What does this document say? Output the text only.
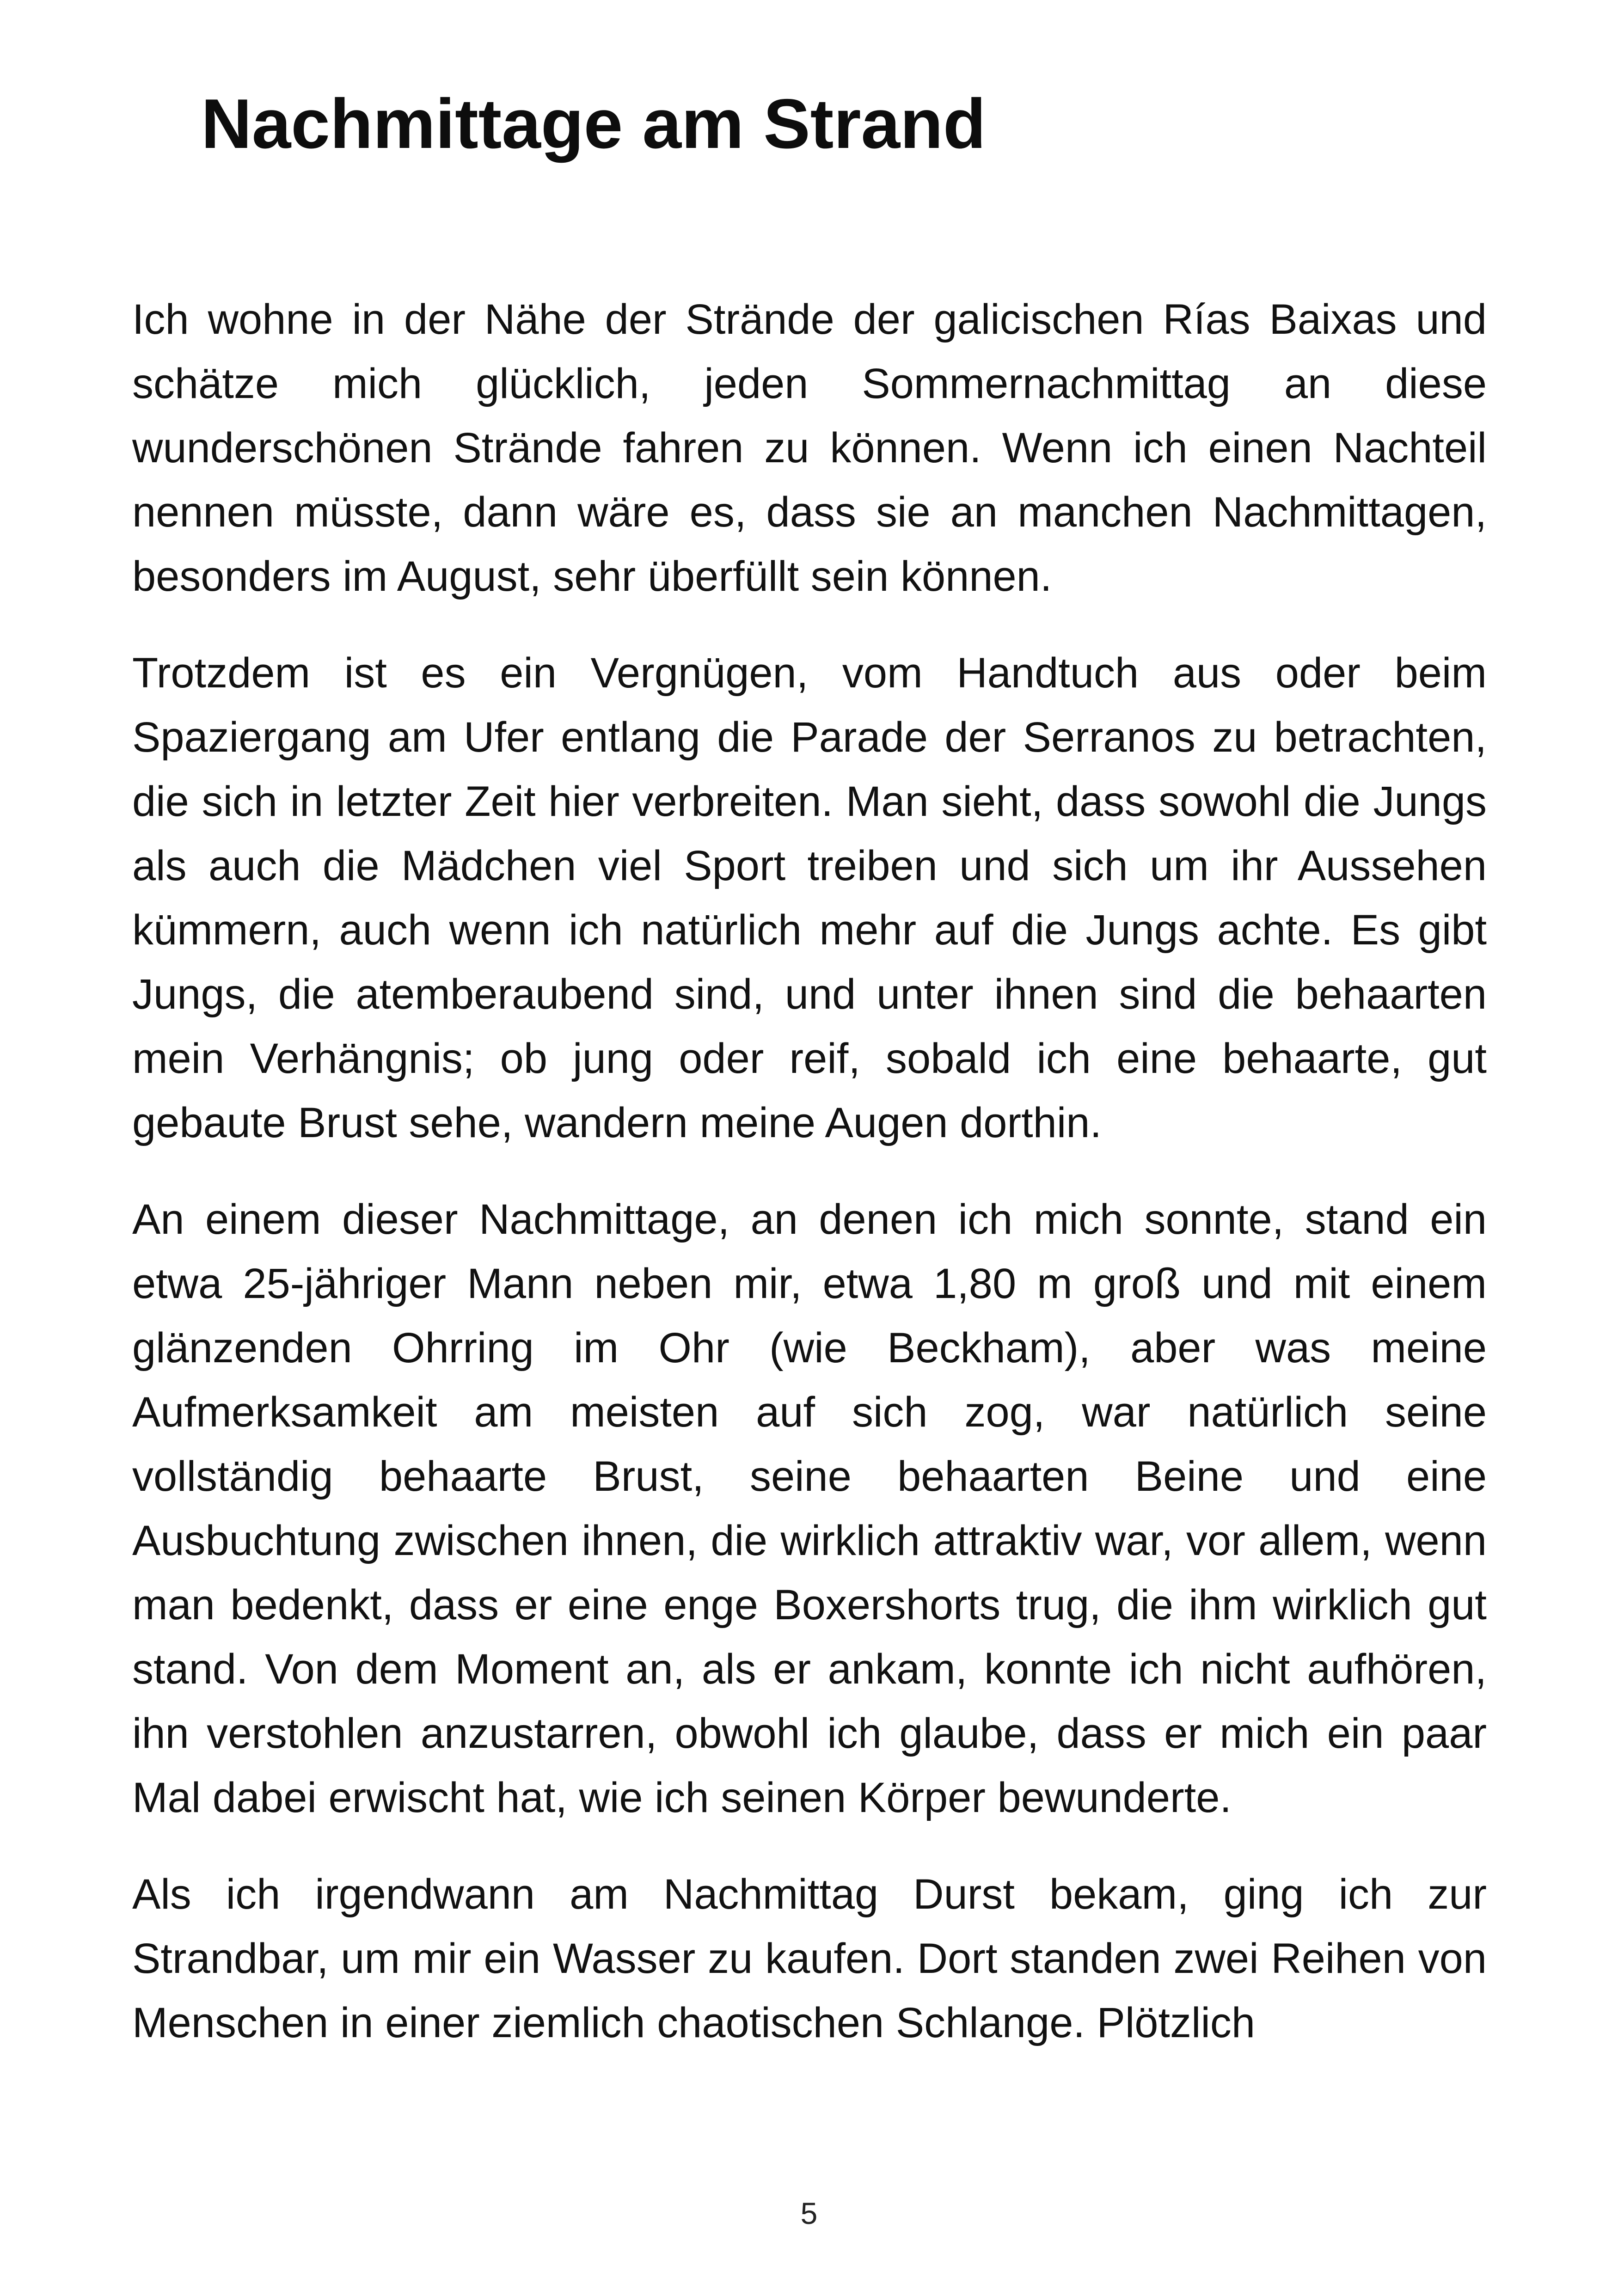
Nachmittage am Strand

Ich wohne in der Nähe der Strände der galicischen Rías Baixas und schätze mich glücklich, jeden Sommernachmittag an diese wunderschönen Strände fahren zu können. Wenn ich einen Nachteil nennen müsste, dann wäre es, dass sie an manchen Nachmittagen, besonders im August, sehr überfüllt sein können.

Trotzdem ist es ein Vergnügen, vom Handtuch aus oder beim Spaziergang am Ufer entlang die Parade der Serranos zu betrachten, die sich in letzter Zeit hier verbreiten. Man sieht, dass sowohl die Jungs als auch die Mädchen viel Sport treiben und sich um ihr Aussehen kümmern, auch wenn ich natürlich mehr auf die Jungs achte. Es gibt Jungs, die atemberaubend sind, und unter ihnen sind die behaarten mein Verhängnis; ob jung oder reif, sobald ich eine behaarte, gut gebaute Brust sehe, wandern meine Augen dorthin.

An einem dieser Nachmittage, an denen ich mich sonnte, stand ein etwa 25-jähriger Mann neben mir, etwa 1,80 m groß und mit einem glänzenden Ohrring im Ohr (wie Beckham), aber was meine Aufmerksamkeit am meisten auf sich zog, war natürlich seine vollständig behaarte Brust, seine behaarten Beine und eine Ausbuchtung zwischen ihnen, die wirklich attraktiv war, vor allem, wenn man bedenkt, dass er eine enge Boxershorts trug, die ihm wirklich gut stand. Von dem Moment an, als er ankam, konnte ich nicht aufhören, ihn verstohlen anzustarren, obwohl ich glaube, dass er mich ein paar Mal dabei erwischt hat, wie ich seinen Körper bewunderte.

Als ich irgendwann am Nachmittag Durst bekam, ging ich zur Strandbar, um mir ein Wasser zu kaufen. Dort standen zwei Reihen von Menschen in einer ziemlich chaotischen Schlange. Plötzlich

5
